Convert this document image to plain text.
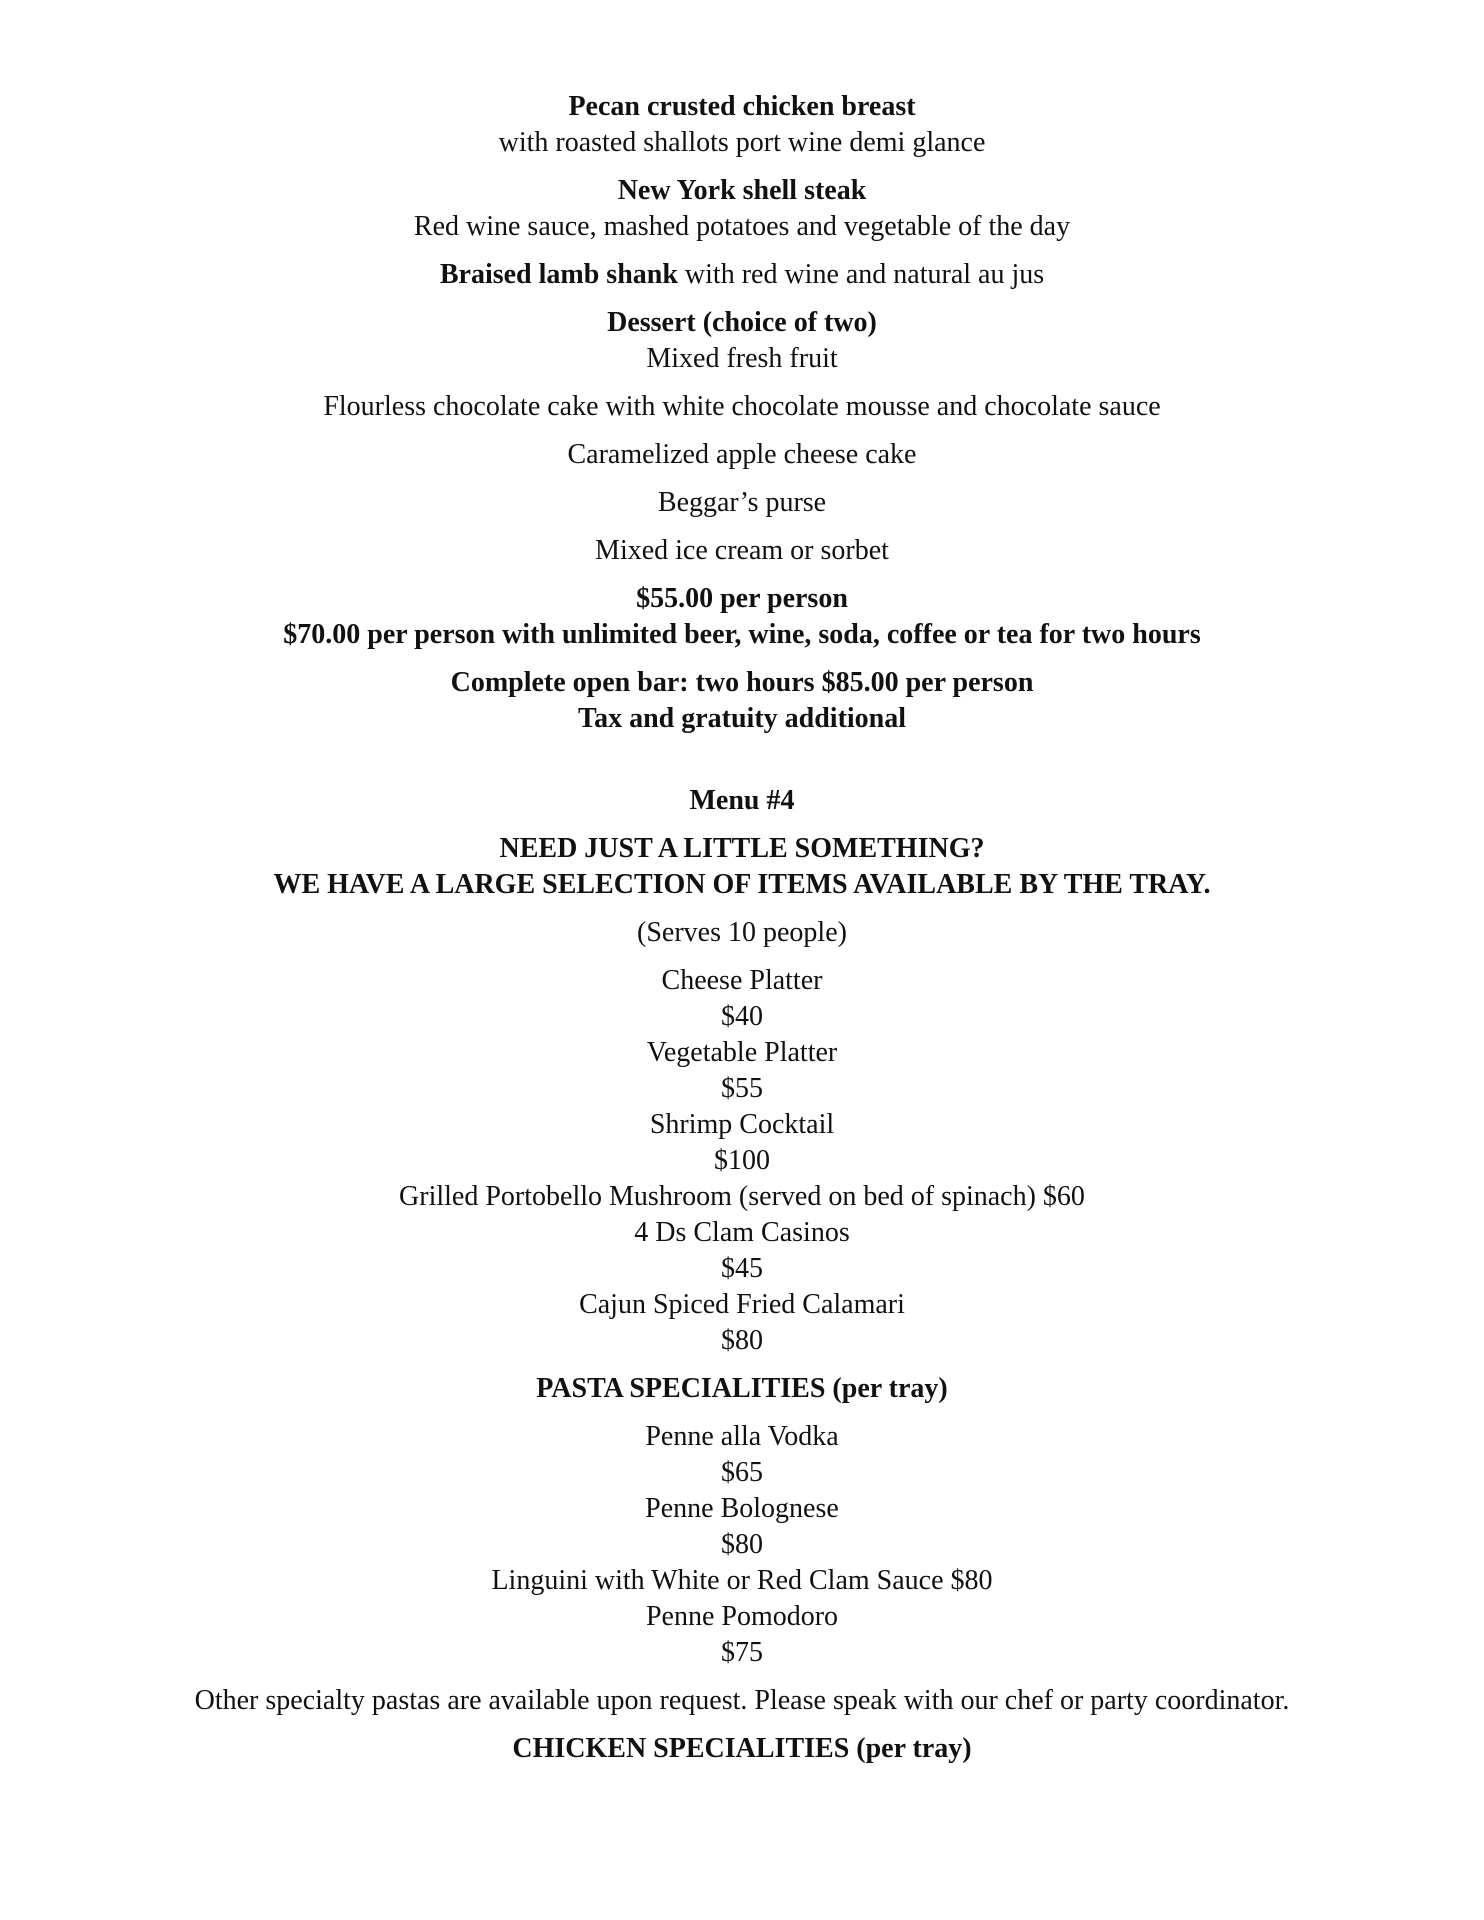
Pecan crusted chicken breast

with roasted shallots port wine demi glance

New York shell steak

Red wine sauce, mashed potatoes and vegetable of the day

Braised lamb shank with red wine and natural au jus

Dessert (choice of two)

Mixed fresh fruit

Flourless chocolate cake with white chocolate mousse and chocolate sauce

Caramelized apple cheese cake

Beggar’s purse

Mixed ice cream or sorbet

$55.00 per person

$70.00 per person with unlimited beer, wine, soda, coffee or tea for two hours

Complete open bar: two hours $85.00 per person

Tax and gratuity additional

Menu #4

NEED JUST A LITTLE SOMETHING?

WE HAVE A LARGE SELECTION OF ITEMS AVAILABLE BY THE TRAY.

(Serves 10 people)

Cheese Platter

$40

Vegetable Platter

$55

Shrimp Cocktail

$100

Grilled Portobello Mushroom (served on bed of spinach) $60

4 Ds Clam Casinos

$45

Cajun Spiced Fried Calamari

$80

PASTA SPECIALITIES (per tray)

Penne alla Vodka

$65

Penne Bolognese

$80

Linguini with White or Red Clam Sauce $80

Penne Pomodoro

$75

Other specialty pastas are available upon request. Please speak with our chef or party coordinator.

CHICKEN SPECIALITIES (per tray)
